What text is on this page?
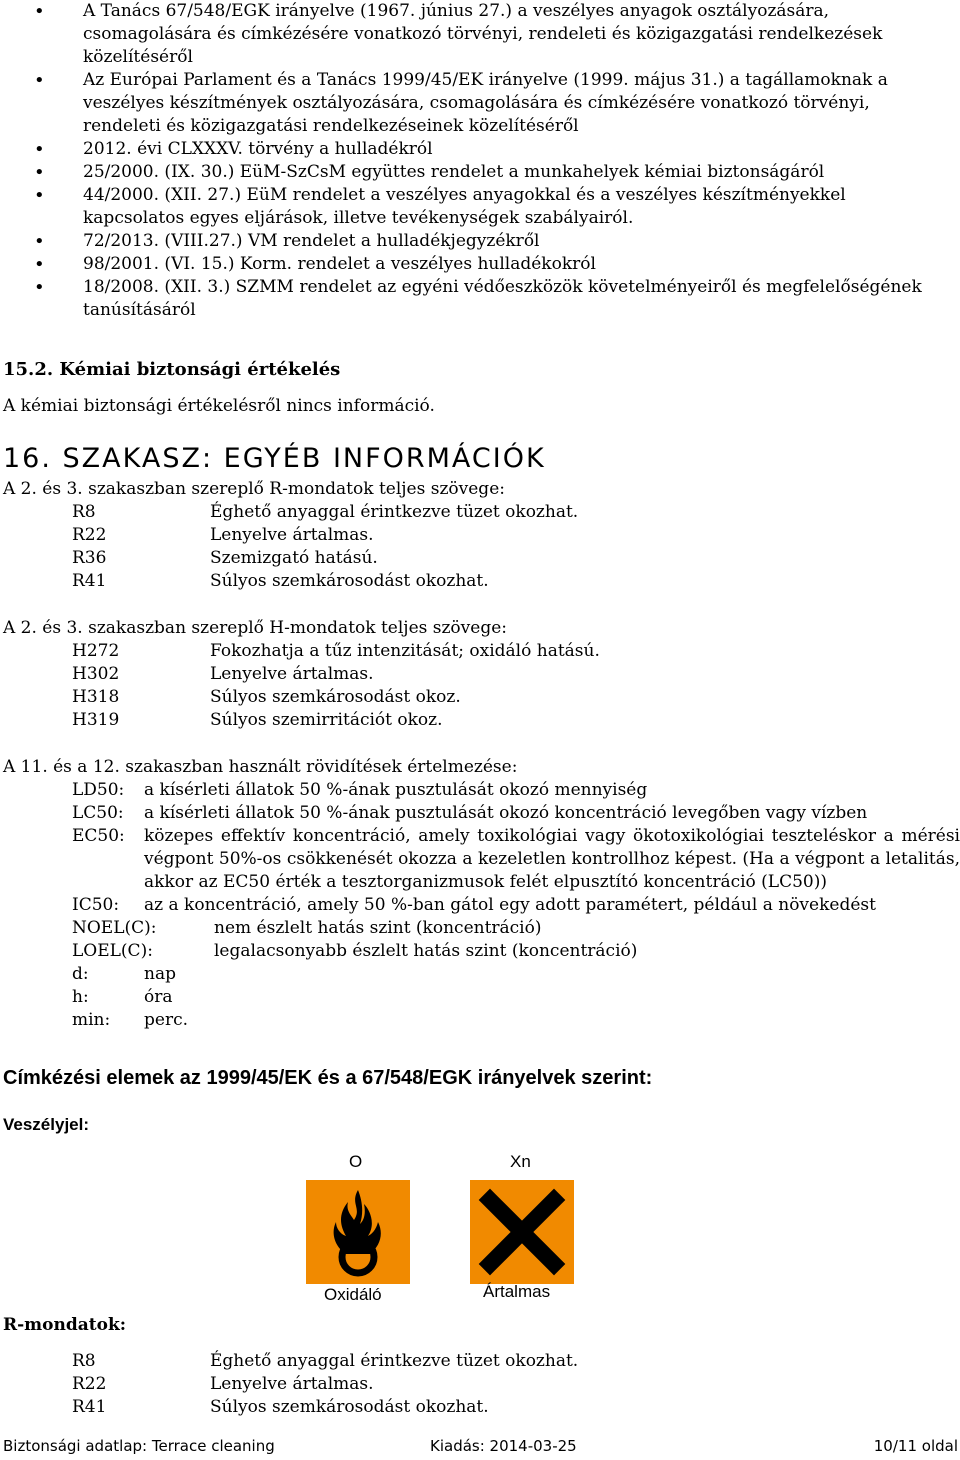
• A Tanács 67/548/EGK irányelve (1967. június 27.) a veszélyes anyagok osztályozására, csomagolására és címkézésére vonatkozó törvényi, rendeleti és közigazgatási rendelkezések közelítéséről
• Az Európai Parlament és a Tanács 1999/45/EK irányelve (1999. május 31.) a tagállamoknak a veszélyes készítmények osztályozására, csomagolására és címkézésére vonatkozó törvényi, rendeleti és közigazgatási rendelkezéseinek közelítéséről
• 2012. évi CLXXXV. törvény a hulladékról
• 25/2000. (IX. 30.) EüM-SzCsM együttes rendelet a munkahelyek kémiai biztonságáról
• 44/2000. (XII. 27.) EüM rendelet a veszélyes anyagokkal és a veszélyes készítményekkel kapcsolatos egyes eljárások, illetve tevékenységek szabályairól.
• 72/2013. (VIII.27.) VM rendelet a hulladékjegyzékről
• 98/2001. (VI. 15.) Korm. rendelet a veszélyes hulladékokról
• 18/2008. (XII. 3.) SZMM rendelet az egyéni védőeszközök követelményeiről és megfelelőségének tanúsításáról
15.2. Kémiai biztonsági értékelés
A kémiai biztonsági értékelésről nincs információ.
16. SZAKASZ: EGYÉB INFORMÁCIÓK
A 2. és 3. szakaszban szereplő R-mondatok teljes szövege:
R8	Éghető anyaggal érintkezve tüzet okozhat.
R22	Lenyelve ártalmas.
R36	Szemizgató hatású.
R41	Súlyos szemkárosodást okozhat.
A 2. és 3. szakaszban szereplő H-mondatok teljes szövege:
H272	Fokozhatja a tűz intenzitását; oxidáló hatású.
H302	Lenyelve ártalmas.
H318	Súlyos szemkárosodást okoz.
H319	Súlyos szemirritációt okoz.
A 11. és a 12. szakaszban használt rövidítések értelmezése:
LD50: a kísérleti állatok 50 %-ának pusztulását okozó mennyiség
LC50: a kísérleti állatok 50 %-ának pusztulását okozó koncentráció levegőben vagy vízben
EC50: közepes effektív koncentráció, amely toxikológiai vagy ökotoxikológiai teszteléskor a mérési végpont 50%-os csökkenését okozza a kezeletlen kontrollhoz képest. (Ha a végpont a letalitás, akkor az EC50 érték a tesztorganizmusok felét elpusztító koncentráció (LC50))
IC50: az a koncentráció, amely 50 %-ban gátol egy adott paramétert, például a növekedést
NOEL(C):	nem észlelt hatás szint (koncentráció)
LOEL(C):	legalacsonyabb észlelt hatás szint (koncentráció)
d:	nap
h:	óra
min: perc.
Címkézési elemek az 1999/45/EK és a 67/548/EGK irányelvek szerint:
Veszélyjel:
O
Oxidáló
Xn
Ártalmas
R-mondatok:
R8	Éghető anyaggal érintkezve tüzet okozhat.
R22	Lenyelve ártalmas.
R41	Súlyos szemkárosodást okozhat.
Biztonsági adatlap: Terrace cleaning	Kiadás: 2014-03-25	10/11 oldal
